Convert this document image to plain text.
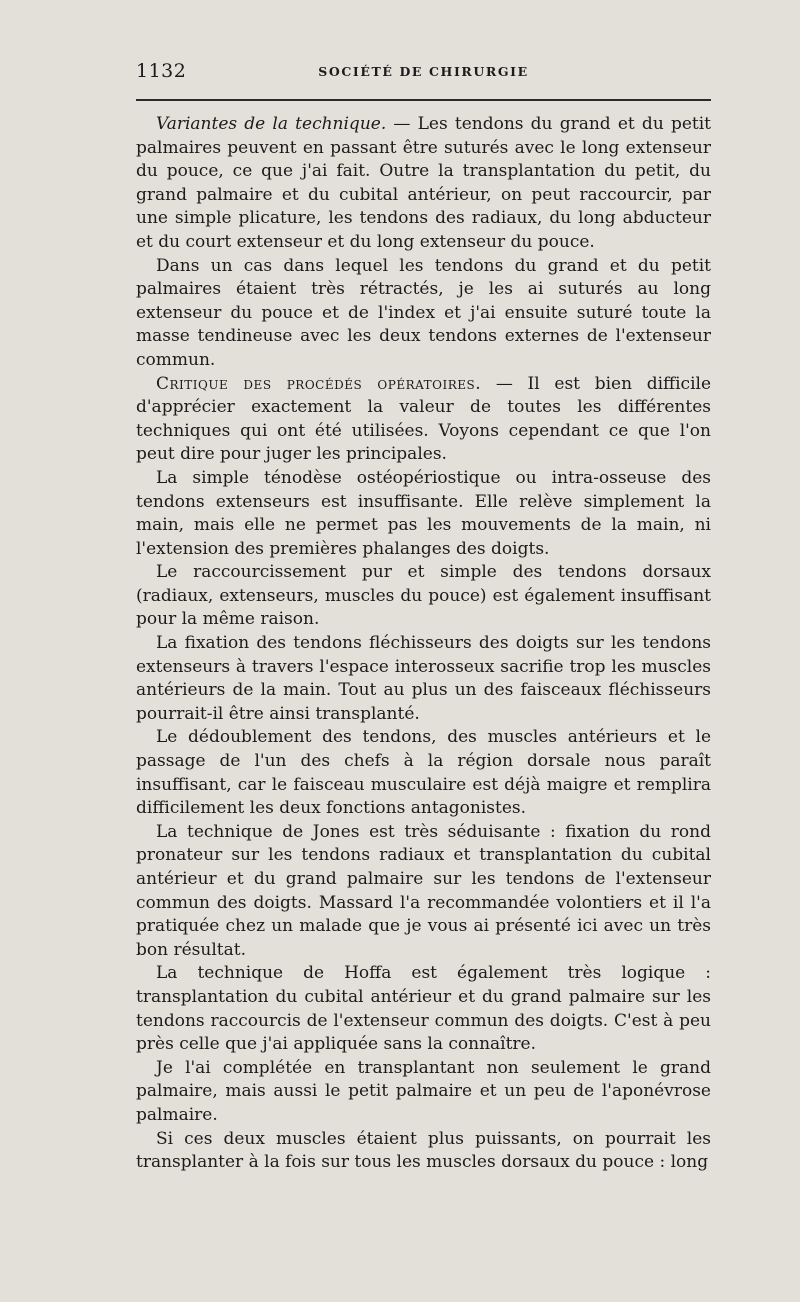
1132	SOCIÉTÉ DE CHIRURGIE

Variantes de la technique. — Les tendons du grand et du petit palmaires peuvent en passant être suturés avec le long extenseur du pouce, ce que j'ai fait. Outre la transplantation du petit, du grand palmaire et du cubital antérieur, on peut raccourcir, par une simple plicature, les tendons des radiaux, du long abducteur et du court extenseur et du long extenseur du pouce.

Dans un cas dans lequel les tendons du grand et du petit palmaires étaient très rétractés, je les ai suturés au long extenseur du pouce et de l'index et j'ai ensuite suturé toute la masse tendineuse avec les deux tendons externes de l'extenseur commun.

Critique des procédés opératoires. — Il est bien difficile d'apprécier exactement la valeur de toutes les différentes techniques qui ont été utilisées. Voyons cependant ce que l'on peut dire pour juger les principales.

La simple ténodèse ostéopériostique ou intra-osseuse des tendons extenseurs est insuffisante. Elle relève simplement la main, mais elle ne permet pas les mouvements de la main, ni l'extension des premières phalanges des doigts.

Le raccourcissement pur et simple des tendons dorsaux (radiaux, extenseurs, muscles du pouce) est également insuffisant pour la même raison.

La fixation des tendons fléchisseurs des doigts sur les tendons extenseurs à travers l'espace interosseux sacrifie trop les muscles antérieurs de la main. Tout au plus un des faisceaux fléchisseurs pourrait-il être ainsi transplanté.

Le dédoublement des tendons, des muscles antérieurs et le passage de l'un des chefs à la région dorsale nous paraît insuffisant, car le faisceau musculaire est déjà maigre et remplira difficilement les deux fonctions antagonistes.

La technique de Jones est très séduisante : fixation du rond pronateur sur les tendons radiaux et transplantation du cubital antérieur et du grand palmaire sur les tendons de l'extenseur commun des doigts. Massard l'a recommandée volontiers et il l'a pratiquée chez un malade que je vous ai présenté ici avec un très bon résultat.

La technique de Hoffa est également très logique : transplantation du cubital antérieur et du grand palmaire sur les tendons raccourcis de l'extenseur commun des doigts. C'est à peu près celle que j'ai appliquée sans la connaître.

Je l'ai complétée en transplantant non seulement le grand palmaire, mais aussi le petit palmaire et un peu de l'aponévrose palmaire.

Si ces deux muscles étaient plus puissants, on pourrait les transplanter à la fois sur tous les muscles dorsaux du pouce : long
